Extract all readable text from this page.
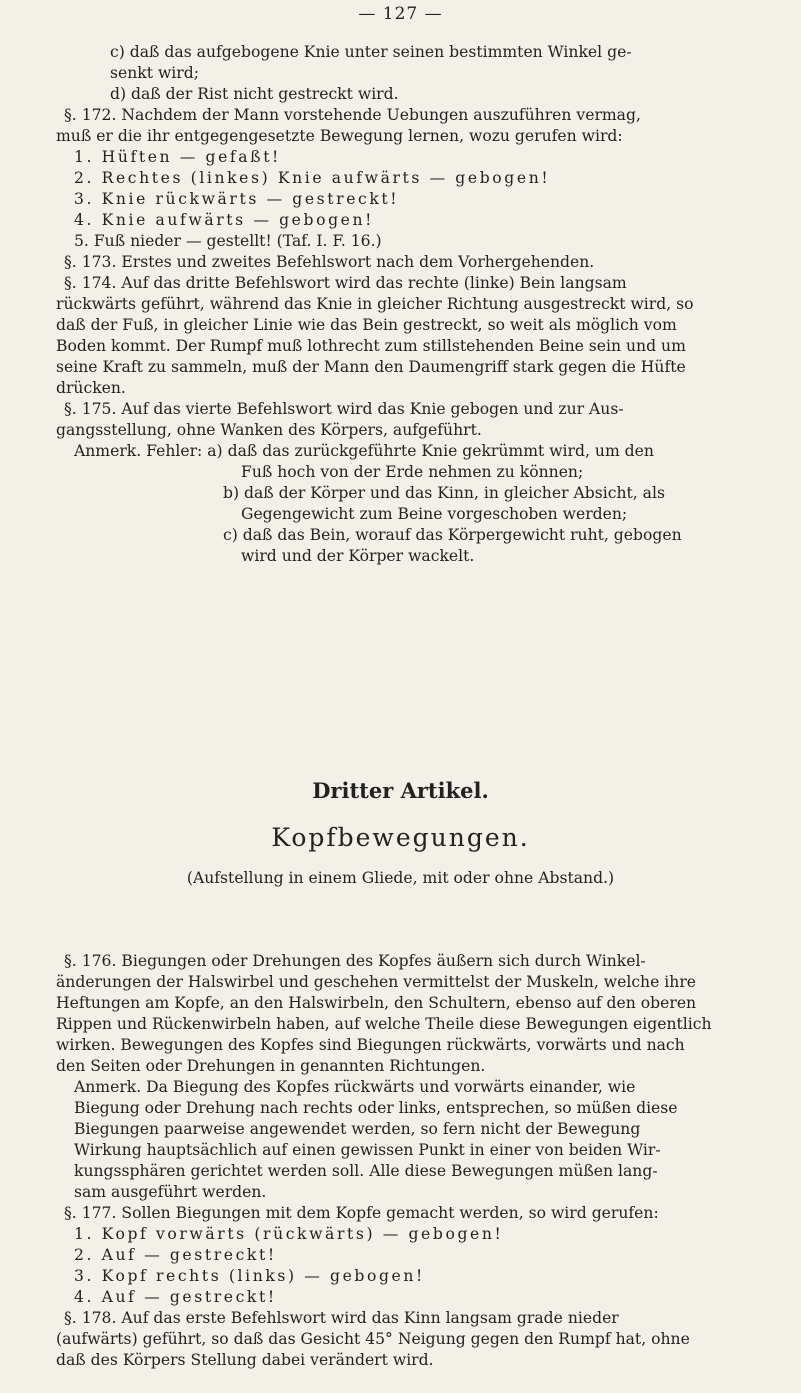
— 127 —
c) daß das aufgebogene Knie unter seinen bestimmten Winkel ge-
senkt wird;
d) daß der Rist nicht gestreckt wird.
§. 172. Nachdem der Mann vorstehende Uebungen auszuführen vermag,
muß er die ihr entgegengesetzte Bewegung lernen, wozu gerufen wird:
1. Hüften — gefaßt!
2. Rechtes (linkes) Knie aufwärts — gebogen!
3. Knie rückwärts — gestreckt!
4. Knie aufwärts — gebogen!
5. Fuß nieder — gestellt! (Taf. I. F. 16.)
§. 173. Erstes und zweites Befehlswort nach dem Vorhergehenden.
§. 174. Auf das dritte Befehlswort wird das rechte (linke) Bein langsam
rückwärts geführt, während das Knie in gleicher Richtung ausgestreckt wird, so
daß der Fuß, in gleicher Linie wie das Bein gestreckt, so weit als möglich vom
Boden kommt. Der Rumpf muß lothrecht zum stillstehenden Beine sein und um
seine Kraft zu sammeln, muß der Mann den Daumengriff stark gegen die Hüfte
drücken.
§. 175. Auf das vierte Befehlswort wird das Knie gebogen und zur Aus-
gangsstellung, ohne Wanken des Körpers, aufgeführt.
Anmerk. Fehler: a) daß das zurückgeführte Knie gekrümmt wird, um den
Fuß hoch von der Erde nehmen zu können;
b) daß der Körper und das Kinn, in gleicher Absicht, als
Gegengewicht zum Beine vorgeschoben werden;
c) daß das Bein, worauf das Körpergewicht ruht, gebogen
wird und der Körper wackelt.
Dritter Artikel.
Kopfbewegungen.
(Aufstellung in einem Gliede, mit oder ohne Abstand.)
§. 176. Biegungen oder Drehungen des Kopfes äußern sich durch Winkel-
änderungen der Halswirbel und geschehen vermittelst der Muskeln, welche ihre
Heftungen am Kopfe, an den Halswirbeln, den Schultern, ebenso auf den oberen
Rippen und Rückenwirbeln haben, auf welche Theile diese Bewegungen eigentlich
wirken. Bewegungen des Kopfes sind Biegungen rückwärts, vorwärts und nach
den Seiten oder Drehungen in genannten Richtungen.
Anmerk. Da Biegung des Kopfes rückwärts und vorwärts einander, wie
Biegung oder Drehung nach rechts oder links, entsprechen, so müßen diese
Biegungen paarweise angewendet werden, so fern nicht der Bewegung
Wirkung hauptsächlich auf einen gewissen Punkt in einer von beiden Wir-
kungssphären gerichtet werden soll. Alle diese Bewegungen müßen lang-
sam ausgeführt werden.
§. 177. Sollen Biegungen mit dem Kopfe gemacht werden, so wird gerufen:
1. Kopf vorwärts (rückwärts) — gebogen!
2. Auf — gestreckt!
3. Kopf rechts (links) — gebogen!
4. Auf — gestreckt!
§. 178. Auf das erste Befehlswort wird das Kinn langsam grade nieder
(aufwärts) geführt, so daß das Gesicht 45° Neigung gegen den Rumpf hat, ohne
daß des Körpers Stellung dabei verändert wird.
